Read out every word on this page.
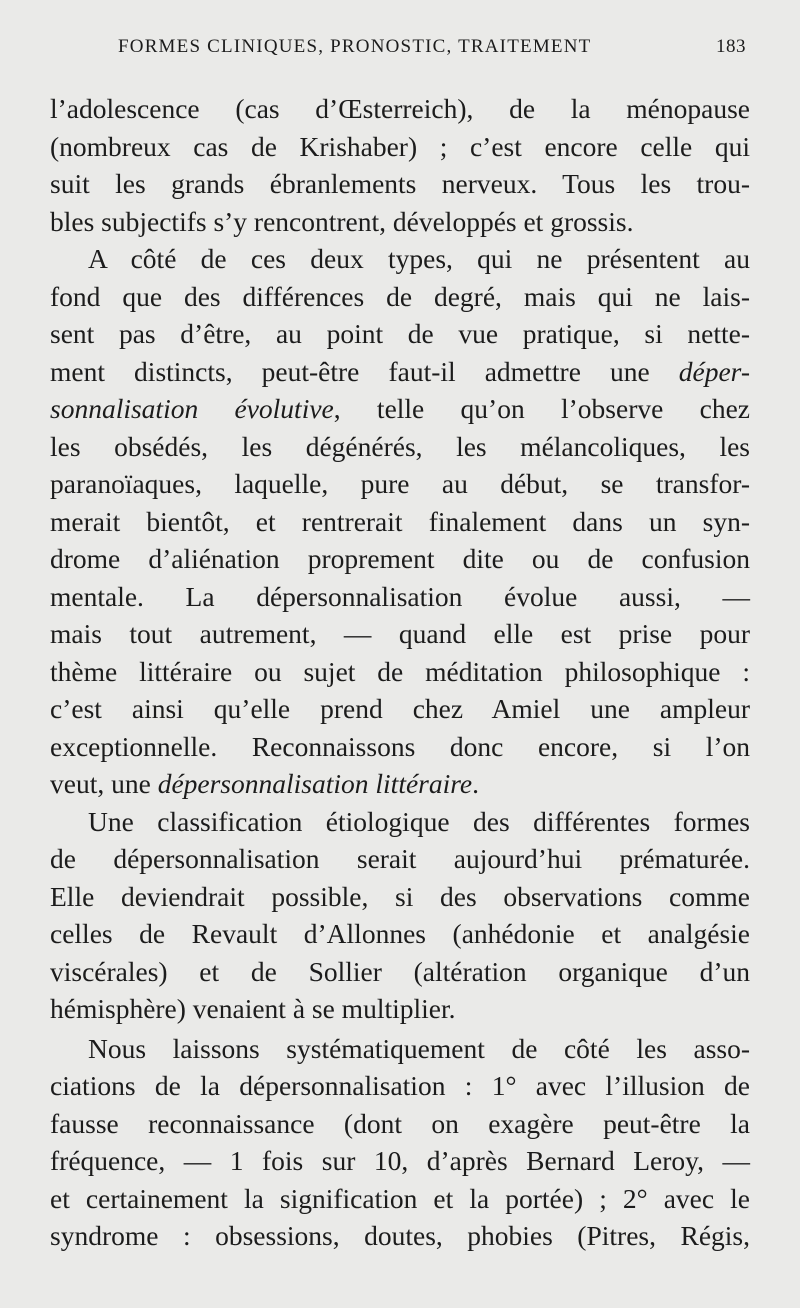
FORMES CLINIQUES, PRONOSTIC, TRAITEMENT	183
l’adolescence (cas d’Œsterreich), de la ménopause
(nombreux cas de Krishaber) ; c’est encore celle qui
suit les grands ébranlements nerveux. Tous les trou-
bles subjectifs s’y rencontrent, développés et grossis.
A côté de ces deux types, qui ne présentent au
fond que des différences de degré, mais qui ne lais-
sent pas d’être, au point de vue pratique, si nette-
ment distincts, peut-être faut-il admettre une déper-
sonnalisation évolutive, telle qu’on l’observe chez
les obsédés, les dégénérés, les mélancoliques, les
paranoïaques, laquelle, pure au début, se transfor-
merait bientôt, et rentrerait finalement dans un syn-
drome d’aliénation proprement dite ou de confusion
mentale. La dépersonnalisation évolue aussi, —
mais tout autrement, — quand elle est prise pour
thème littéraire ou sujet de méditation philosophique :
c’est ainsi qu’elle prend chez Amiel une ampleur
exceptionnelle. Reconnaissons donc encore, si l’on
veut, une dépersonnalisation littéraire.
Une classification étiologique des différentes formes
de dépersonnalisation serait aujourd’hui prématurée.
Elle deviendrait possible, si des observations comme
celles de Revault d’Allonnes (anhédonie et analgésie
viscérales) et de Sollier (altération organique d’un
hémisphère) venaient à se multiplier.
Nous laissons systématiquement de côté les asso-
ciations de la dépersonnalisation : 1° avec l’illusion de
fausse reconnaissance (dont on exagère peut-être la
fréquence, — 1 fois sur 10, d’après Bernard Leroy, —
et certainement la signification et la portée) ; 2° avec le
syndrome : obsessions, doutes, phobies (Pitres, Régis,
